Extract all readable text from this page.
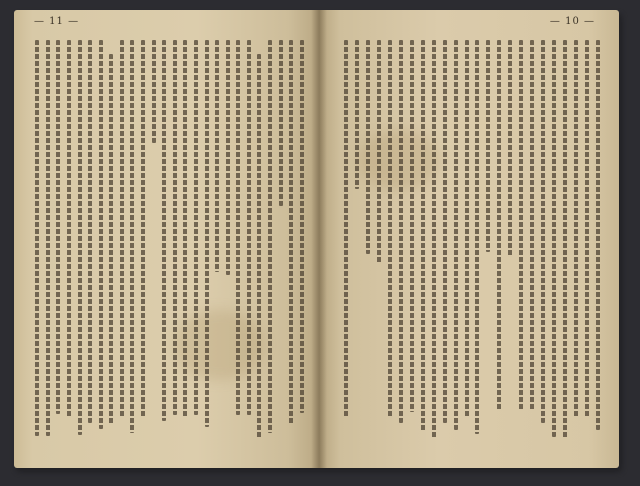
— 11 —	— 10 —
